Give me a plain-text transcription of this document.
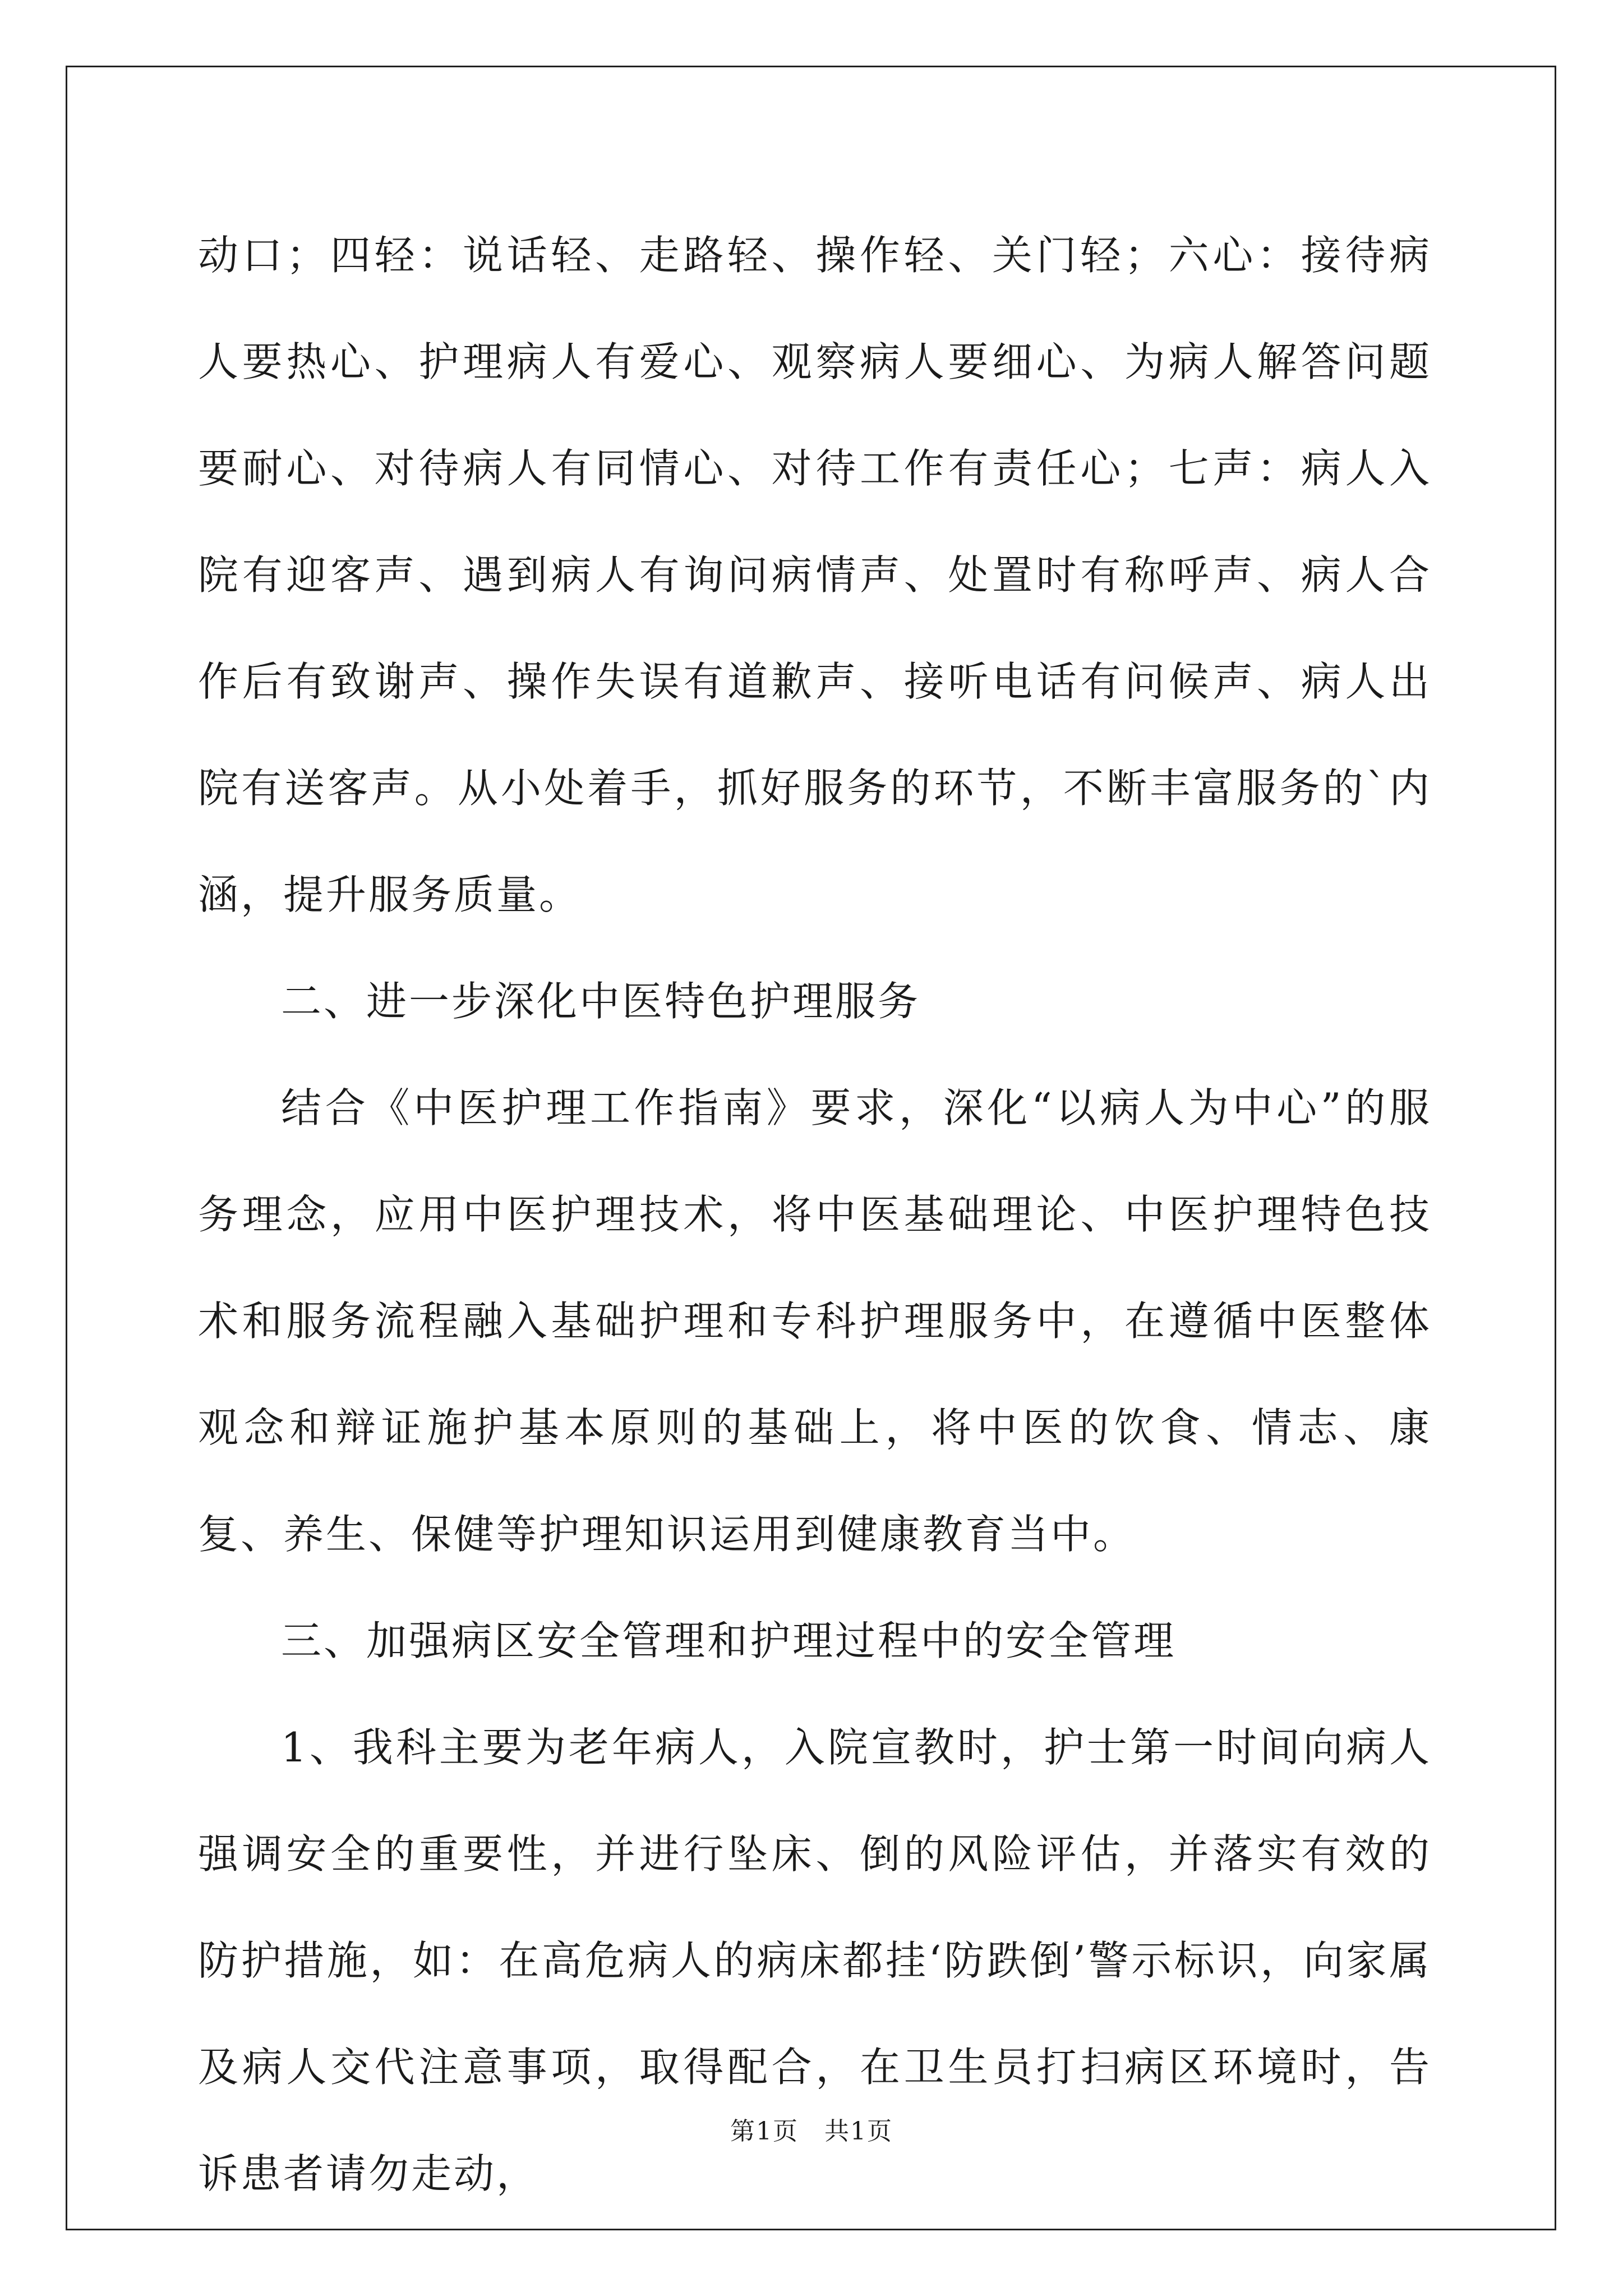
动口；四轻：说话轻、走路轻、操作轻、关门轻；六心：接待病人要热心、护理病人有爱心、观察病人要细心、为病人解答问题要耐心、对待病人有同情心、对待工作有责任心；七声：病人入院有迎客声、遇到病人有询问病情声、处置时有称呼声、病人合作后有致谢声、操作失误有道歉声、接听电话有问候声、病人出院有送客声。从小处着手，抓好服务的环节，不断丰富服务的`内涵，提升服务质量。

二、进一步深化中医特色护理服务

结合《中医护理工作指南》要求，深化“以病人为中心”的服务理念，应用中医护理技术，将中医基础理论、中医护理特色技术和服务流程融入基础护理和专科护理服务中，在遵循中医整体观念和辩证施护基本原则的基础上，将中医的饮食、情志、康复、养生、保健等护理知识运用到健康教育当中。

三、加强病区安全管理和护理过程中的安全管理

1、我科主要为老年病人，入院宣教时，护士第一时间向病人强调安全的重要性，并进行坠床、倒的风险评估，并落实有效的防护措施，如：在高危病人的病床都挂‘防跌倒’警示标识，向家属及病人交代注意事项，取得配合，在卫生员打扫病区环境时，告诉患者请勿走动，

第1页　共1页
